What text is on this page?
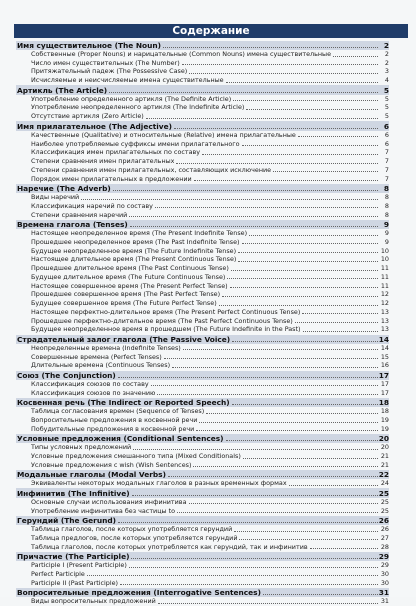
Содержание
Имя существительное (The Noun)	2
Собственные (Proper Nouns) и нарицательные (Common Nouns) имена существительные	2
Число имен существительных (The Number)	2
Притяжательный падеж (The Possessive Case)	3
Исчисляемые и неисчисляемые имена существительные	4
Артикль (The Article)	5
Употребление определенного артикля (The Definite Article)	5
Употребление неопределенного артикля (The Indefinite Article)	5
Отсутствие артикля (Zero Article)	5
Имя прилагательное (The Adjective)	6
Качественные (Qualitative) и относительные (Relative) имена прилагательные	6
Наиболее употребляемые суффиксы имени прилагательного	6
Классификация имен прилагательных по составу	7
Степени сравнения имен прилагательных	7
Степени сравнения имен прилагательных, составляющих исключение	7
Порядок имен прилагательных в предложении	7
Наречие (The Adverb)	8
Виды наречий	8
Классификация наречий по составу	8
Степени сравнения наречий	8
Времена глагола (Tenses)	9
Настоящее неопределенное время (The Present Indefinite Tense)	9
Прошедшее неопределенное время (The Past Indefinite Tense)	9
Будущее неопределенное время (The Future Indefinite Tense)	10
Настоящее длительное время (The Present Continuous Tense)	10
Прошедшее длительное время (The Past Continuous Tense)	11
Будущее длительное время (The Future Continuous Tense)	11
Настоящее совершенное время (The Present Perfect Tense)	11
Прошедшее совершенное время (The Past Perfect Tense)	12
Будущее совершенное время (The Future Perfect Tense)	12
Настоящее перфектно-длительное время (The Present Perfect Continuous Tense)	13
Прошедшее перфектно-длительное время (The Past Perfect Continuous Tense)	13
Будущее неопределенное время в прошедшем (The Future Indefinite in the Past)	13
Страдательный залог глагола (The Passive Voice)	14
Неопределенные времена (Indefinite Tenses)	14
Совершенные времена (Perfect Tenses)	15
Длительные времена (Continuous Tenses)	16
Союз (The Conjunction)	17
Классификация союзов по составу	17
Классификация союзов по значению	17
Косвенная речь (The Indirect or Reported Speech)	18
Таблица согласования времен (Sequence of Tenses)	18
Вопросительные предложения в косвенной речи	19
Побудительные предложения в косвенной речи	19
Условные предложения (Conditional Sentences)	20
Типы условных предложений	20
Условные предложения смешанного типа (Mixed Conditionals)	21
Условные предложения с wish (Wish Sentences)	21
Модальные глаголы (Modal Verbs)	22
Эквиваленты некоторых модальных глаголов в разных временных формах	24
Инфинитив (The Infinitive)	25
Основные случаи использования инфинитива	25
Употребление инфинитива без частицы to	25
Герундий (The Gerund)	26
Таблица глаголов, после которых употребляется герундий	26
Таблица предлогов, после которых употребляется герундий	27
Таблица глаголов, после которых употребляется как герундий, так и инфинитив	28
Причастие (The Participle)	29
Participle I (Present Participle)	29
Perfect Participle	30
Participle II (Past Participle)	30
Вопросительные предложения (Interrogative Sentences)	31
Виды вопросительных предложений	31
